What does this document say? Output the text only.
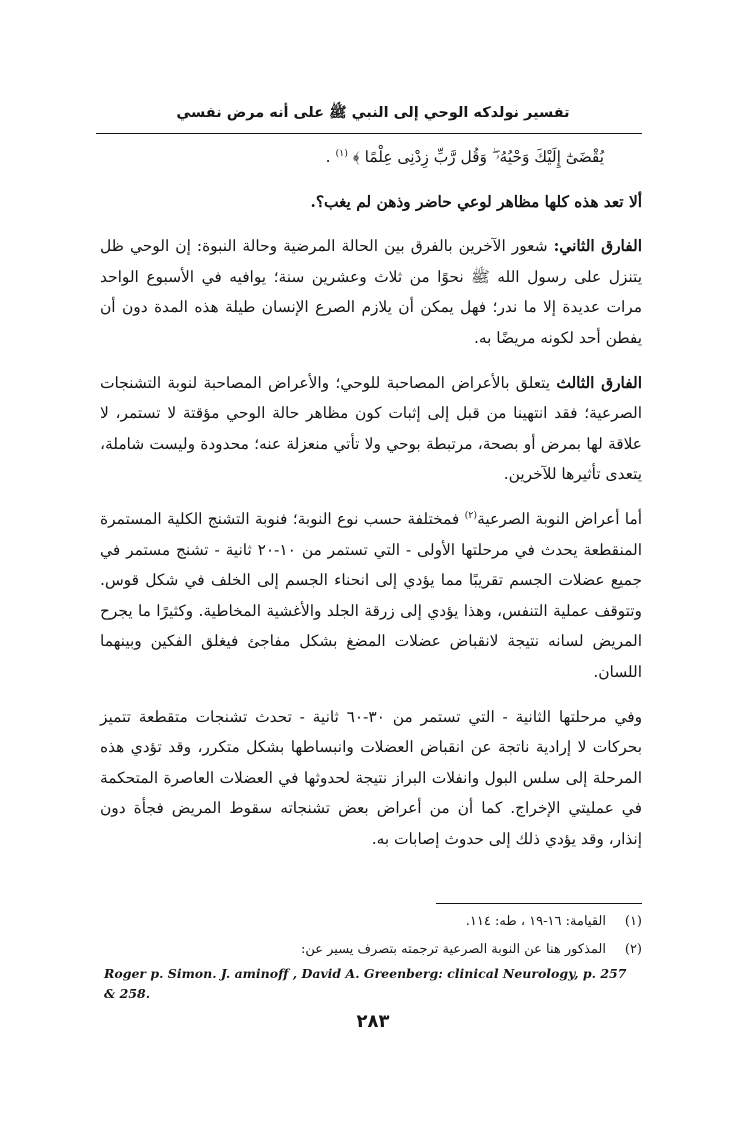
تفسير نولدكه الوحي إلى النبي ﷺ على أنه مرض نفسي

يُقْضَىٰٓ إِلَيْكَ وَحْيُهُۥ ۖ وَقُل رَّبِّ زِدْنِى عِلْمًا ﴾ $^{(١)}$ .

ألا تعد هذه كلها مظاهر لوعي حاضر وذهن لم يغب؟.

الفارق الثاني: شعور الآخرين بالفرق بين الحالة المرضية وحالة النبوة: إن الوحي ظل يتنزل على رسول الله ﷺ نحوًا من ثلاث وعشرين سنة؛ يوافيه في الأسبوع الواحد مرات عديدة إلا ما ندر؛ فهل يمكن أن يلازم الصرع الإنسان طيلة هذه المدة دون أن يفطن أحد لكونه مريضًا به.

الفارق الثالث يتعلق بالأعراض المصاحبة للوحي؛ والأعراض المصاحبة لنوبة التشنجات الصرعية؛ فقد انتهينا من قبل إلى إثبات كون مظاهر حالة الوحي مؤقتة لا تستمر، لا علاقة لها بمرض أو بصحة، مرتبطة بوحي ولا تأتي منعزلة عنه؛ محدودة وليست شاملة، يتعدى تأثيرها للآخرين.

أما أعراض النوبة الصرعية$^{(٢)}$ فمختلفة حسب نوع النوبة؛ فنوبة التشنج الكلية المستمرة المنقطعة يحدث في مرحلتها الأولى - التي تستمر من ١٠-٢٠ ثانية - تشنج مستمر في جميع عضلات الجسم تقريبًا مما يؤدي إلى انحناء الجسم إلى الخلف في شكل قوس. وتتوقف عملية التنفس، وهذا يؤدي إلى زرقة الجلد والأغشية المخاطية. وكثيرًا ما يجرح المريض لسانه نتيجة لانقباض عضلات المضغ بشكل مفاجئ فيغلق الفكين وبينهما اللسان.

وفي مرحلتها الثانية - التي تستمر من ٣٠-٦٠ ثانية - تحدث تشنجات متقطعة تتميز بحركات لا إرادية ناتجة عن انقباض العضلات وانبساطها بشكل متكرر، وقد تؤدي هذه المرحلة إلى سلس البول وانفلات البراز نتيجة لحدوثها في العضلات العاصرة المتحكمة في عمليتي الإخراج. كما أن من أعراض بعض تشنجاته سقوط المريض فجأة دون إنذار، وقد يؤدي ذلك إلى حدوث إصابات به.

(١)
القيامة: ١٦-١٩ ، طه: ١١٤.
(٢)
المذكور هنا عن النوبة الصرعية ترجمته بتصرف يسير عن:
Roger p. Simon. J. aminoff , David A. Greenberg: clinical Neurology, p. 257 & 258.
٢٨٣
